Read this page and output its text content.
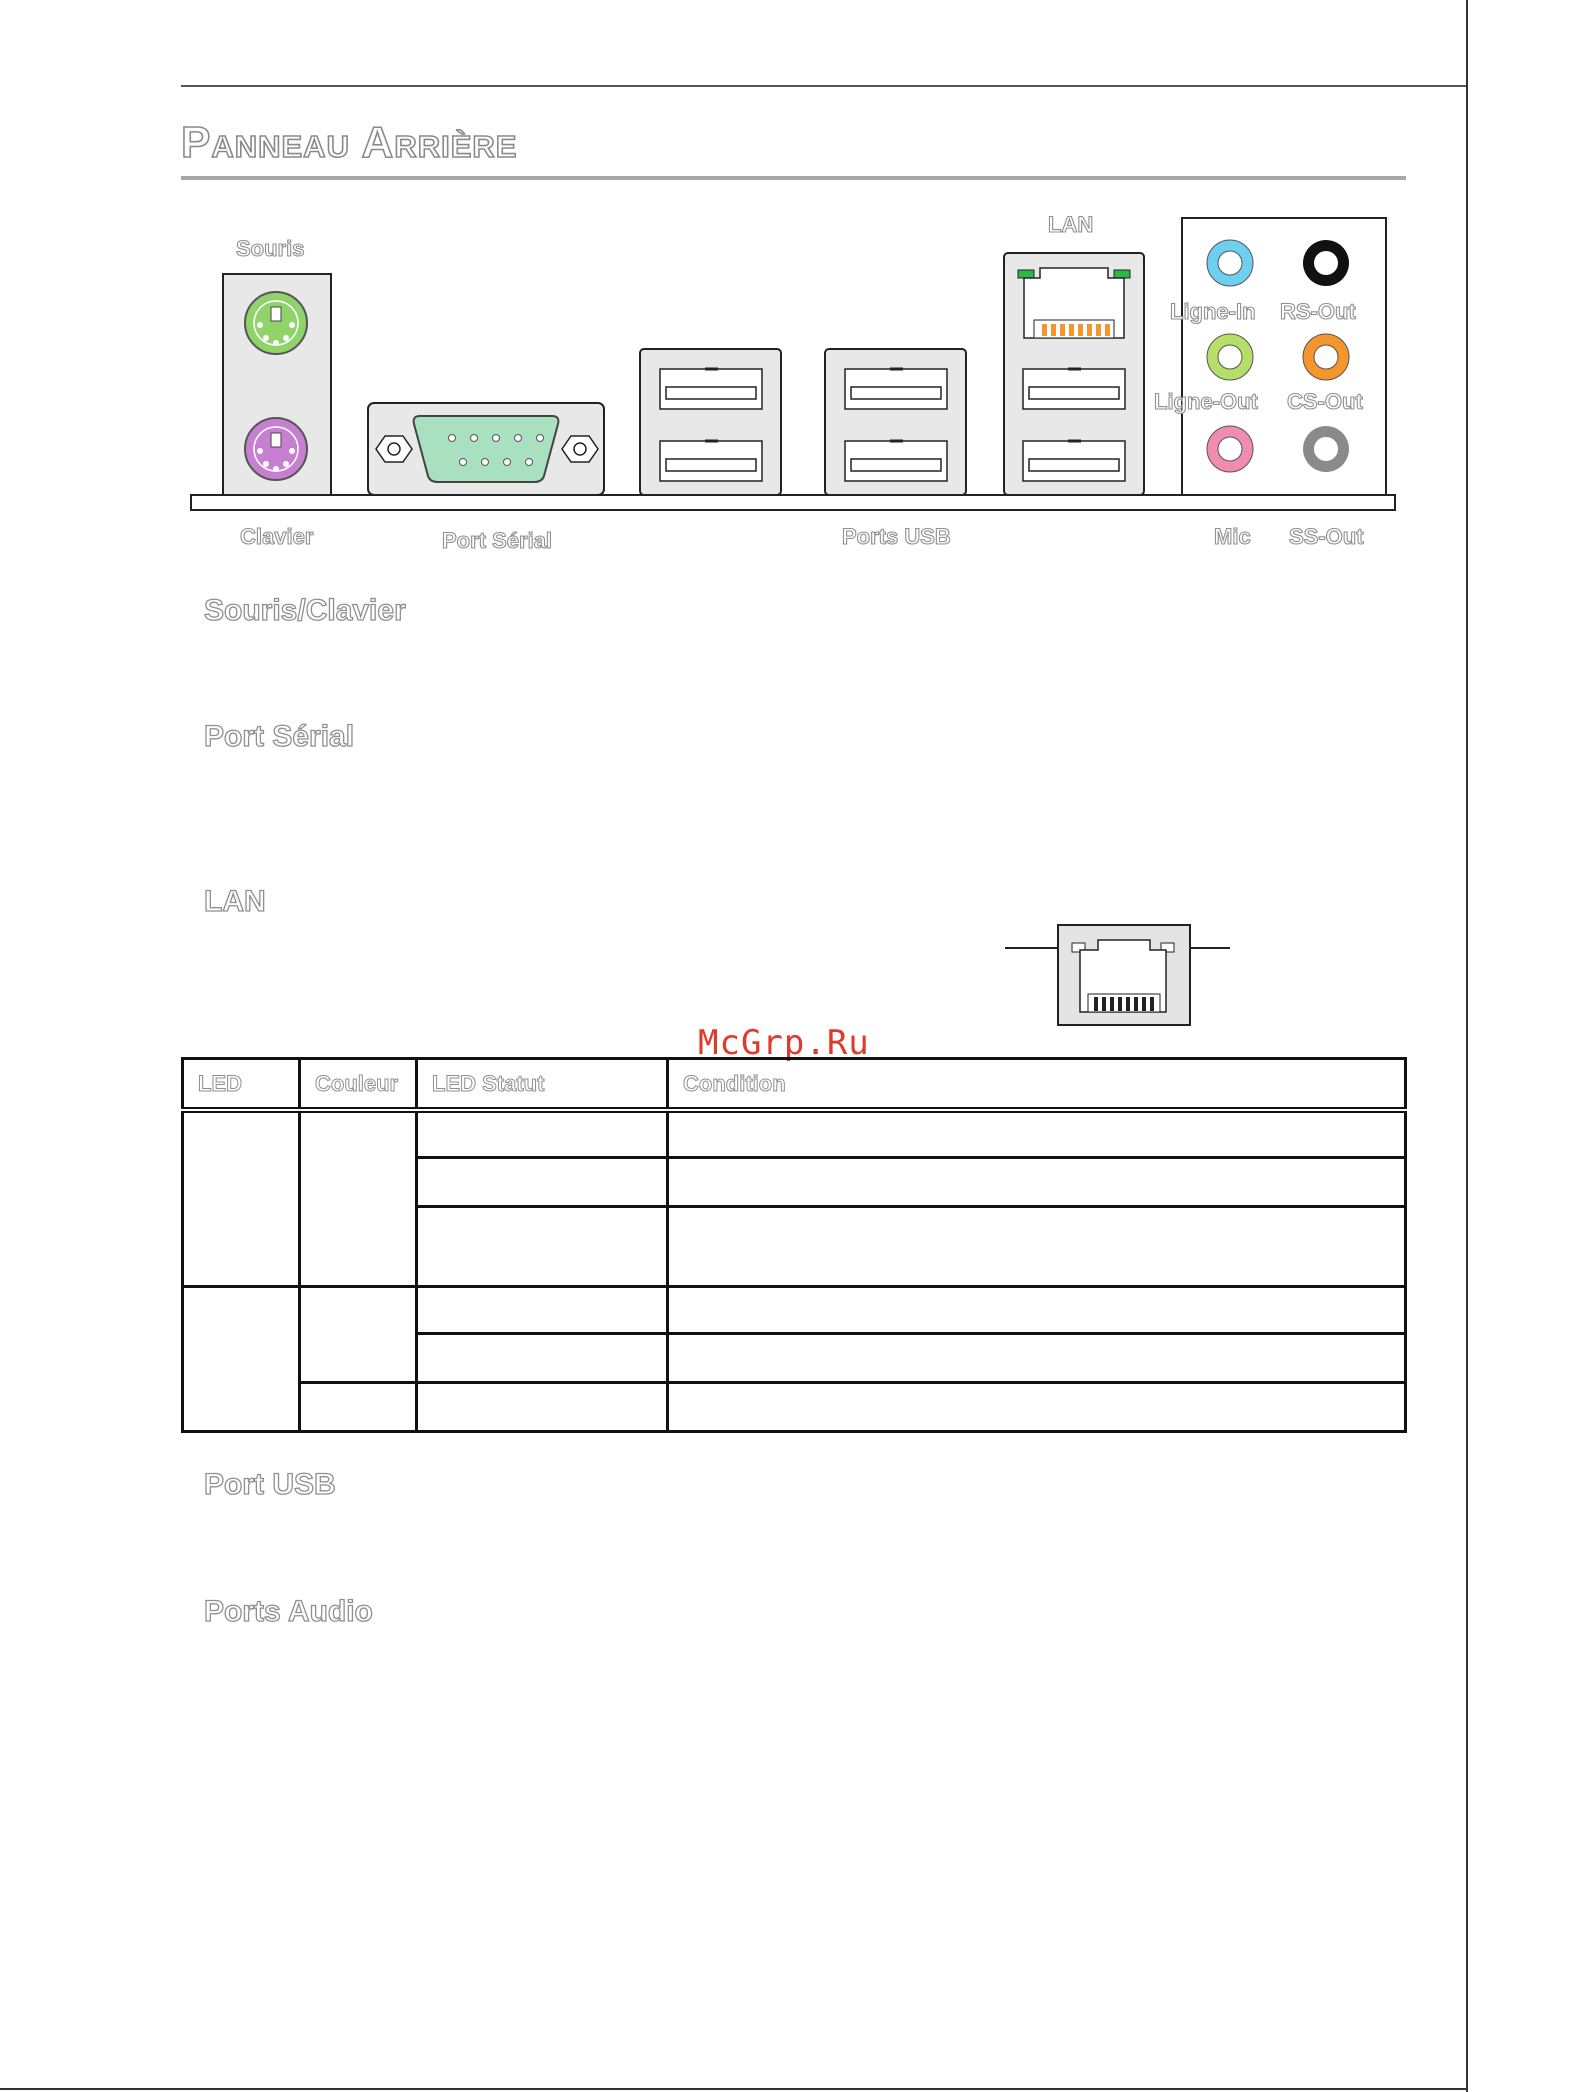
Panneau Arrière
Souris
Clavier	Port Sérial	Ports USB
LAN
Ligne-In RS-Out
Ligne-Out CS-Out
Mic SS-Out
Souris/Clavier
Port Sérial
LAN
Port USB
Ports Audio
McGrp.Ru
LED	Couleur	LED Statut	Condition
